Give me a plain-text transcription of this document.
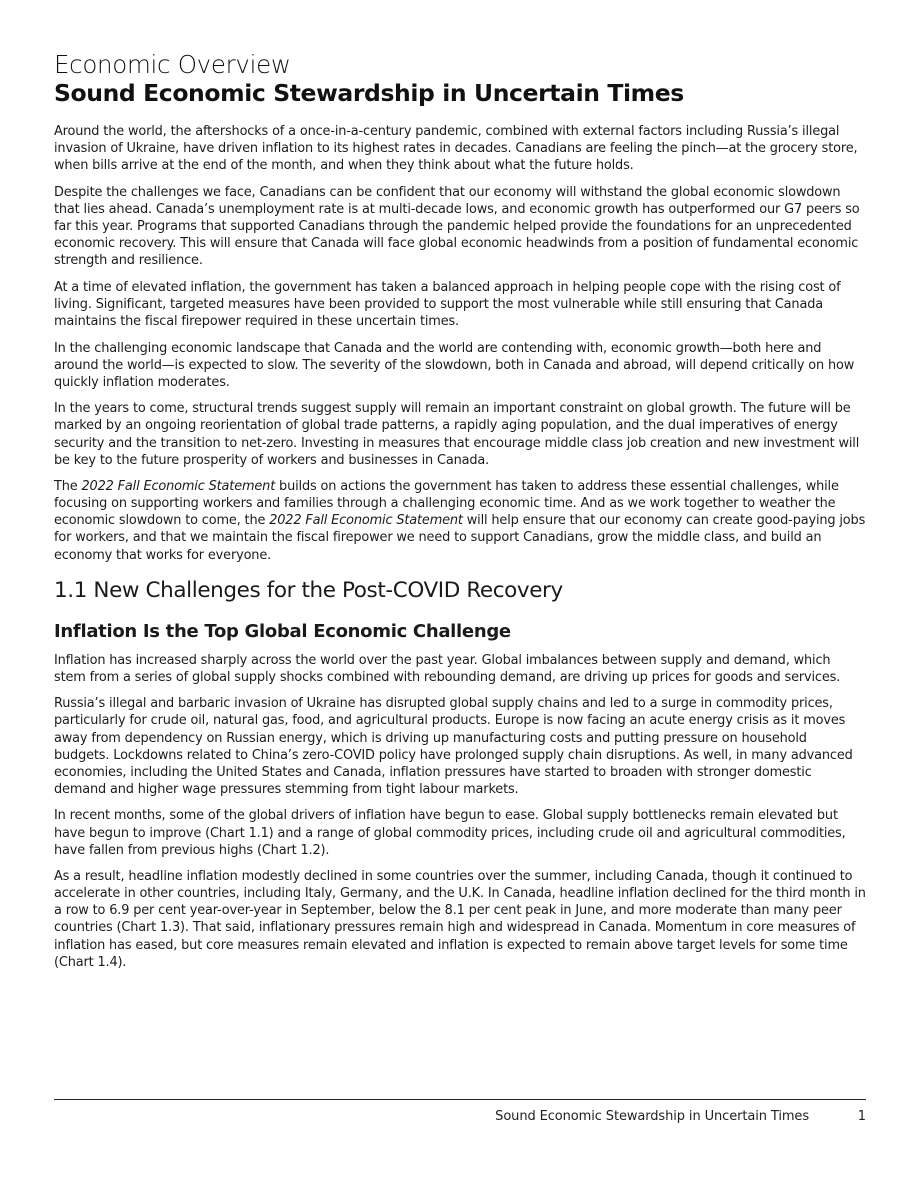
Economic Overview
Sound Economic Stewardship in Uncertain Times

Around the world, the aftershocks of a once-in-a-century pandemic, combined with external factors including Russia’s illegal invasion of Ukraine, have driven inflation to its highest rates in decades. Canadians are feeling the pinch—at the grocery store, when bills arrive at the end of the month, and when they think about what the future holds.

Despite the challenges we face, Canadians can be confident that our economy will withstand the global economic slowdown that lies ahead. Canada’s unemployment rate is at multi-decade lows, and economic growth has outperformed our G7 peers so far this year. Programs that supported Canadians through the pandemic helped provide the foundations for an unprecedented economic recovery. This will ensure that Canada will face global economic headwinds from a position of fundamental economic strength and resilience.

At a time of elevated inflation, the government has taken a balanced approach in helping people cope with the rising cost of living. Significant, targeted measures have been provided to support the most vulnerable while still ensuring that Canada maintains the fiscal firepower required in these uncertain times.

In the challenging economic landscape that Canada and the world are contending with, economic growth—both here and around the world—is expected to slow. The severity of the slowdown, both in Canada and abroad, will depend critically on how quickly inflation moderates.

In the years to come, structural trends suggest supply will remain an important constraint on global growth. The future will be marked by an ongoing reorientation of global trade patterns, a rapidly aging population, and the dual imperatives of energy security and the transition to net-zero. Investing in measures that encourage middle class job creation and new investment will be key to the future prosperity of workers and businesses in Canada.

The 2022 Fall Economic Statement builds on actions the government has taken to address these essential challenges, while focusing on supporting workers and families through a challenging economic time. And as we work together to weather the economic slowdown to come, the 2022 Fall Economic Statement will help ensure that our economy can create good-paying jobs for workers, and that we maintain the fiscal firepower we need to support Canadians, grow the middle class, and build an economy that works for everyone.

1.1 New Challenges for the Post-COVID Recovery
Inflation Is the Top Global Economic Challenge

Inflation has increased sharply across the world over the past year. Global imbalances between supply and demand, which stem from a series of global supply shocks combined with rebounding demand, are driving up prices for goods and services.

Russia’s illegal and barbaric invasion of Ukraine has disrupted global supply chains and led to a surge in commodity prices, particularly for crude oil, natural gas, food, and agricultural products. Europe is now facing an acute energy crisis as it moves away from dependency on Russian energy, which is driving up manufacturing costs and putting pressure on household budgets. Lockdowns related to China’s zero-COVID policy have prolonged supply chain disruptions. As well, in many advanced economies, including the United States and Canada, inflation pressures have started to broaden with stronger domestic demand and higher wage pressures stemming from tight labour markets.

In recent months, some of the global drivers of inflation have begun to ease. Global supply bottlenecks remain elevated but have begun to improve (Chart 1.1) and a range of global commodity prices, including crude oil and agricultural commodities, have fallen from previous highs (Chart 1.2).

As a result, headline inflation modestly declined in some countries over the summer, including Canada, though it continued to accelerate in other countries, including Italy, Germany, and the U.K. In Canada, headline inflation declined for the third month in a row to 6.9 per cent year-over-year in September, below the 8.1 per cent peak in June, and more moderate than many peer countries (Chart 1.3). That said, inflationary pressures remain high and widespread in Canada. Momentum in core measures of inflation has eased, but core measures remain elevated and inflation is expected to remain above target levels for some time (Chart 1.4).

Sound Economic Stewardship in Uncertain Times	1
